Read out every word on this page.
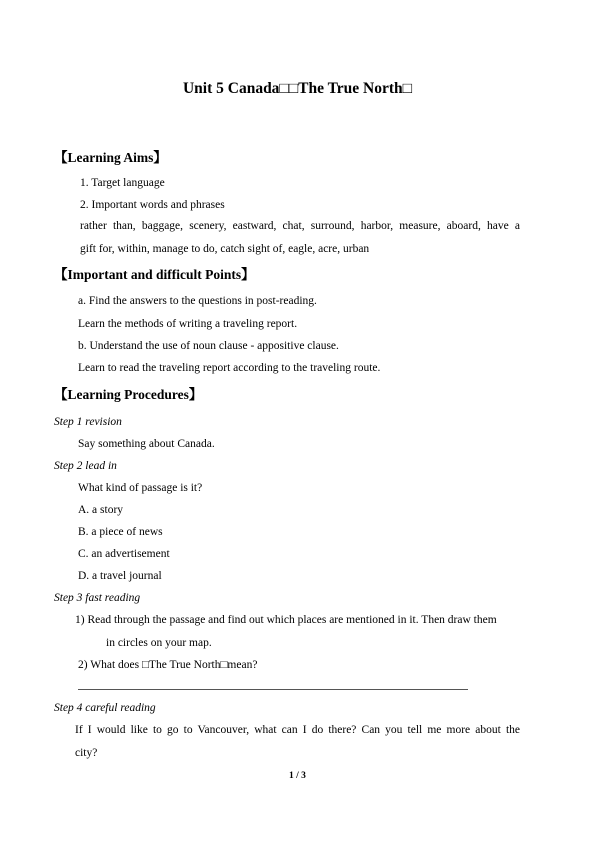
Unit 5 Canada□□The True North□
【Learning Aims】
1. Target language
2. Important words and phrases
rather than, baggage, scenery, eastward, chat, surround, harbor, measure, aboard, have a
gift for, within, manage to do, catch sight of, eagle, acre, urban
【Important and difficult Points】
a. Find the answers to the questions in post-reading.
Learn the methods of writing a traveling report.
b. Understand the use of noun clause - appositive clause.
Learn to read the traveling report according to the traveling route.
【Learning Procedures】
Step 1 revision
Say something about Canada.
Step 2 lead in
What kind of passage is it?
A. a story
B. a piece of news
C. an advertisement
D. a travel journal
Step 3 fast reading
1) Read through the passage and find out which places are mentioned in it. Then draw them
in circles on your map.
2) What does □The True North□mean?
Step 4 careful reading
If I would like to go to Vancouver, what can I do there? Can you tell me more about the
city?
1 / 3
